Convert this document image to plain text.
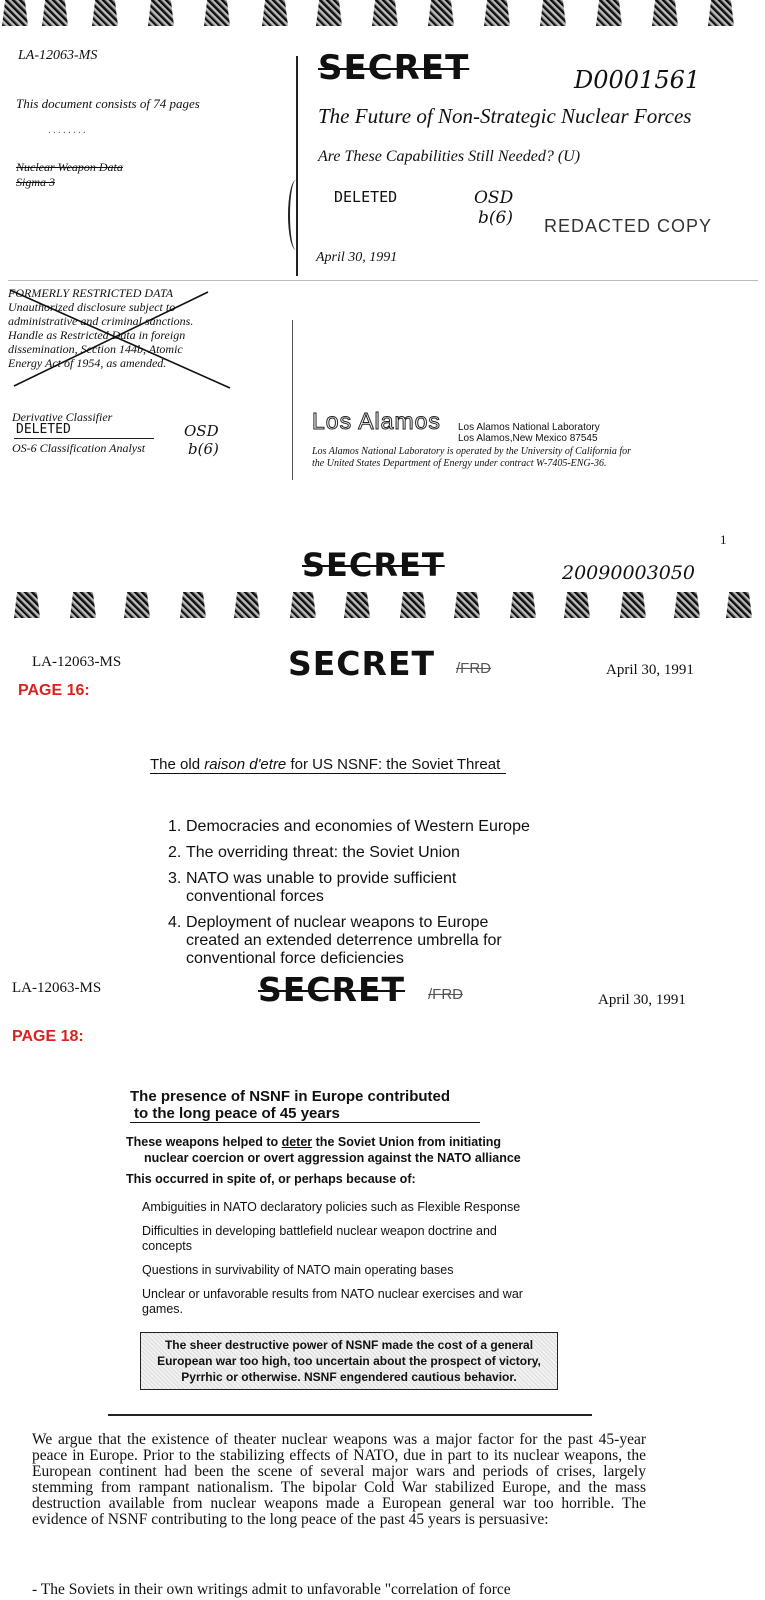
LA-12063-MS
This document consists of 74 pages
· · · · · · · ·
Nuclear Weapon Data
Sigma 3
SECRET	D0001561
The Future of Non-Strategic Nuclear Forces
Are These Capabilities Still Needed? (U)
DELETED	OSD
b(6) REDACTED COPY
April 30, 1991
FORMERLY RESTRICTED DATA
Unauthorized disclosure subject to
administrative and criminal sanctions.
Handle as Restricted Data in foreign
dissemination, Section 144b, Atomic
Energy Act of 1954, as amended.
Derivative Classifier
DELETED
OS-6 Classification Analyst
OSD
b(6)
Los Alamos Los Alamos National Laboratory
Los Alamos,New Mexico 87545
Los Alamos National Laboratory is operated by the University of California for
the United States Department of Energy under contract W-7405-ENG-36.
1
SECRET	20090003050
LA-12063-MS	SECRET /FRD	April 30, 1991
PAGE 16:
The old raison d'etre for US NSNF: the Soviet Threat
1. Democracies and economies of Western Europe
2. The overriding threat: the Soviet Union
3. NATO was unable to provide sufficient conventional forces
4. Deployment of nuclear weapons to Europe created an extended deterrence umbrella for conventional force deficiencies
LA-12063-MS	SECRET /FRD	April 30, 1991
PAGE 18:
The presence of NSNF in Europe contributed
to the long peace of 45 years
These weapons helped to deter the Soviet Union from initiating
nuclear coercion or overt aggression against the NATO alliance
This occurred in spite of, or perhaps because of:
Ambiguities in NATO declaratory policies such as Flexible Response
Difficulties in developing battlefield nuclear weapon doctrine and concepts
Questions in survivability of NATO main operating bases
Unclear or unfavorable results from NATO nuclear exercises and war games.
The sheer destructive power of NSNF made the cost of a general European war too high, too uncertain about the prospect of victory, Pyrrhic or otherwise. NSNF engendered cautious behavior.
We argue that the existence of theater nuclear weapons was a major factor for the past 45-year peace in Europe. Prior to the stabilizing effects of NATO, due in part to its nuclear weapons, the European continent had been the scene of several major wars and periods of crises, largely stemming from rampant nationalism. The bipolar Cold War stabilized Europe, and the mass destruction available from nuclear weapons made a European general war too horrible. The evidence of NSNF contributing to the long peace of the past 45 years is persuasive:
- The Soviets in their own writings admit to unfavorable "correlation of force
